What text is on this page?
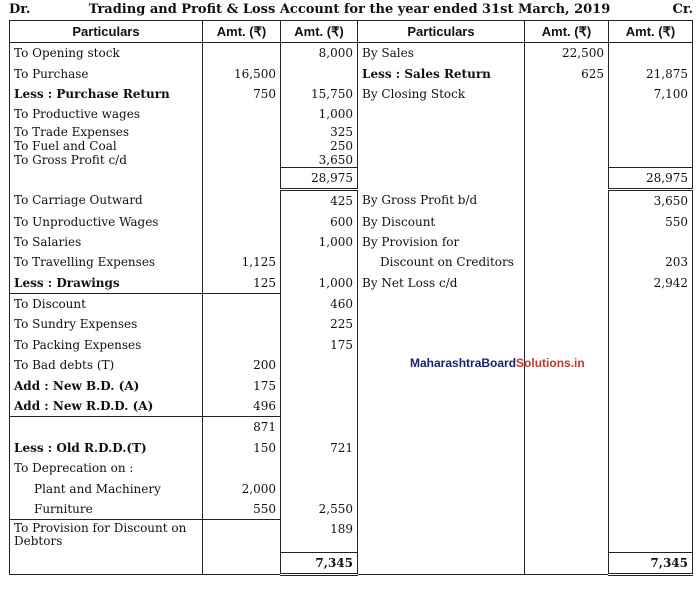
Dr.	Trading and Profit & Loss Account for the year ended 31st March, 2019	Cr.
Particulars	Amt. (₹)	Amt. (₹)	Particulars	Amt. (₹)	Amt. (₹)
To Opening stock		8,000	By Sales	22,500	
To Purchase	16,500		Less : Sales Return	625	21,875
Less : Purchase Return	750	15,750	By Closing Stock		7,100
To Productive wages		1,000			
To Trade Expenses		325			
To Fuel and Coal		250			
To Gross Profit c/d		3,650			
		28,975			28,975
To Carriage Outward		425	By Gross Profit b/d		3,650
To Unproductive Wages		600	By Discount		550
To Salaries		1,000	By Provision for		
To Travelling Expenses	1,125		Discount on Creditors		203
Less : Drawings	125	1,000	By Net Loss c/d		2,942
To Discount		460			
To Sundry Expenses		225			
To Packing Expenses		175			
To Bad debts (T)	200				
Add : New B.D. (A)	175				
Add : New R.D.D. (A)	496				
	871				
Less : Old R.D.D.(T)	150	721			
To Deprecation on :					
Plant and Machinery	2,000				
Furniture	550	2,550			
To Provision for Discount on Debtors		189			
		7,345			7,345
MaharashtraBoardSolutions.in
